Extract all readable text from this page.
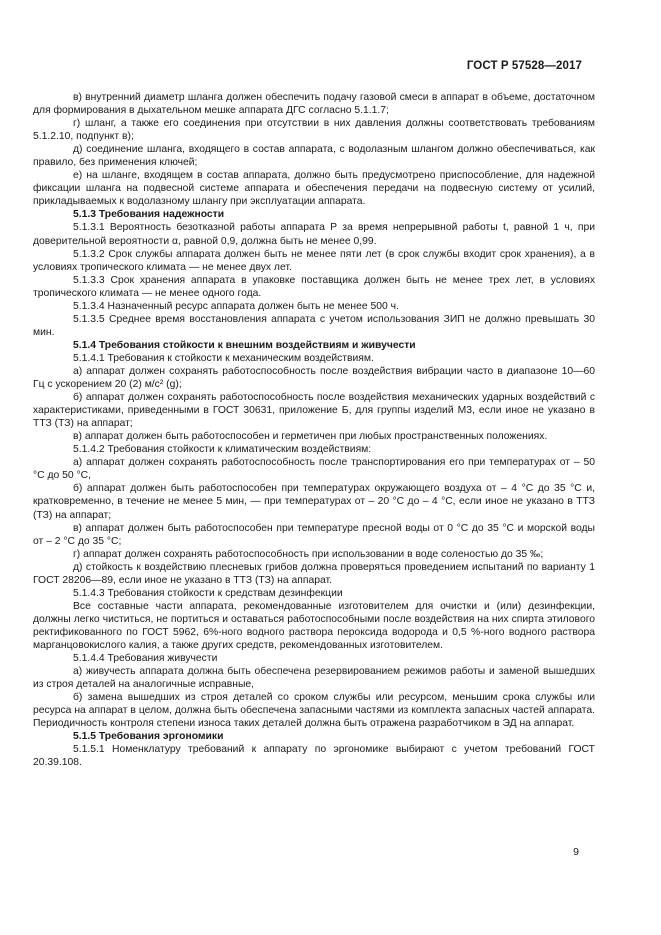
ГОСТ Р 57528—2017

в) внутренний диаметр шланга должен обеспечить подачу газовой смеси в аппарат в объеме, достаточном для формирования в дыхательном мешке аппарата ДГС согласно 5.1.1.7;

г) шланг, а также его соединения при отсутствии в них давления должны соответствовать требованиям 5.1.2.10, подпункт в);

д) соединение шланга, входящего в состав аппарата, с водолазным шлангом должно обеспечиваться, как правило, без применения ключей;

е) на шланге, входящем в состав аппарата, должно быть предусмотрено приспособление, для надежной фиксации шланга на подвесной системе аппарата и обеспечения передачи на подвесную систему от усилий, прикладываемых к водолазному шлангу при эксплуатации аппарата.

5.1.3 Требования надежности

5.1.3.1 Вероятность безотказной работы аппарата Р за время непрерывной работы t, равной 1 ч, при доверительной вероятности α, равной 0,9, должна быть не менее 0,99.

5.1.3.2 Срок службы аппарата должен быть не менее пяти лет (в срок службы входит срок хранения), а в условиях тропического климата — не менее двух лет.

5.1.3.3 Срок хранения аппарата в упаковке поставщика должен быть не менее трех лет, в условиях тропического климата — не менее одного года.

5.1.3.4 Назначенный ресурс аппарата должен быть не менее 500 ч.

5.1.3.5 Среднее время восстановления аппарата с учетом использования ЗИП не должно превышать 30 мин.

5.1.4 Требования стойкости к внешним воздействиям и живучести

5.1.4.1 Требования к стойкости к механическим воздействиям.

а) аппарат должен сохранять работоспособность после воздействия вибрации часто в диапазоне 10—60 Гц с ускорением 20 (2) м/с² (g);

б) аппарат должен сохранять работоспособность после воздействия механических ударных воздействий с характеристиками, приведенными в ГОСТ 30631, приложение Б, для группы изделий М3, если иное не указано в ТТЗ (ТЗ) на аппарат;

в) аппарат должен быть работоспособен и герметичен при любых пространственных положениях.

5.1.4.2 Требования стойкости к климатическим воздействиям:

а) аппарат должен сохранять работоспособность после транспортирования его при температурах от – 50 °С до 50 °С,

б) аппарат должен быть работоспособен при температурах окружающего воздуха от – 4 °С до 35 °С и, кратковременно, в течение не менее 5 мин, — при температурах от – 20 °С до – 4 °С, если иное не указано в ТТЗ (ТЗ) на аппарат;

в) аппарат должен быть работоспособен при температуре пресной воды от 0 °С до 35 °С и морской воды от – 2 °С до 35 °С;

г) аппарат должен сохранять работоспособность при использовании в воде соленостью до 35 ‰;

д) стойкость к воздействию плесневых грибов должна проверяться проведением испытаний по варианту 1 ГОСТ 28206—89, если иное не указано в ТТЗ (ТЗ) на аппарат.

5.1.4.3 Требования стойкости к средствам дезинфекции

Все составные части аппарата, рекомендованные изготовителем для очистки и (или) дезинфекции, должны легко чиститься, не портиться и оставаться работоспособными после воздействия на них спирта этилового ректификованного по ГОСТ 5962, 6%-ного водного раствора пероксида водорода и 0,5 %-ного водного раствора марганцовокислого калия, а также других средств, рекомендованных изготовителем.

5.1.4.4 Требования живучести

а) живучесть аппарата должна быть обеспечена резервированием режимов работы и заменой вышедших из строя деталей на аналогичные исправные,

б) замена вышедших из строя деталей со сроком службы или ресурсом, меньшим срока службы или ресурса на аппарат в целом, должна быть обеспечена запасными частями из комплекта запасных частей аппарата. Периодичность контроля степени износа таких деталей должна быть отражена разработчиком в ЭД на аппарат.

5.1.5 Требования эргономики

5.1.5.1 Номенклатуру требований к аппарату по эргономике выбирают с учетом требований ГОСТ 20.39.108.

9
